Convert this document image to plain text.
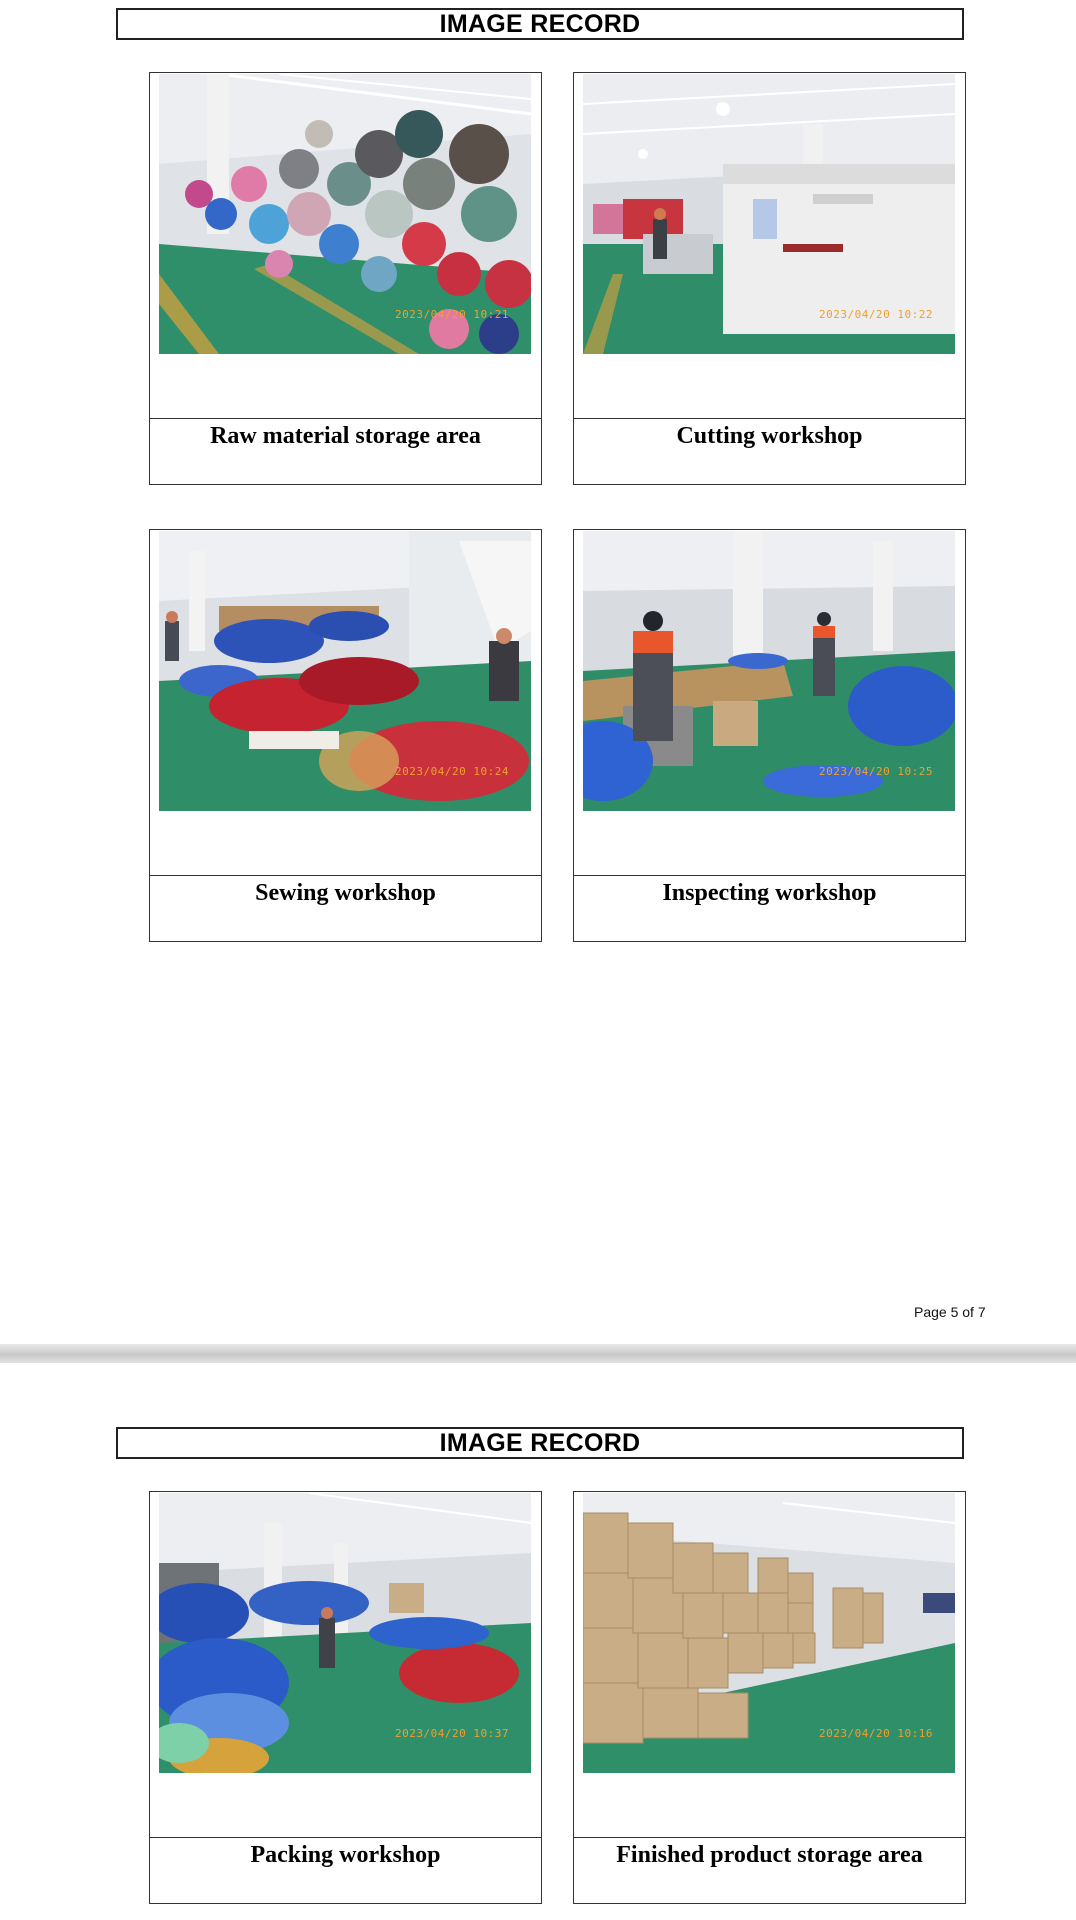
IMAGE RECORD
2023/04/20 10:21
Raw material storage area
2023/04/20 10:22
Cutting workshop
2023/04/20 10:24
Sewing workshop
2023/04/20 10:25
Inspecting workshop
Page 5 of 7
IMAGE RECORD
2023/04/20 10:37
Packing workshop
2023/04/20 10:16
Finished product storage area
